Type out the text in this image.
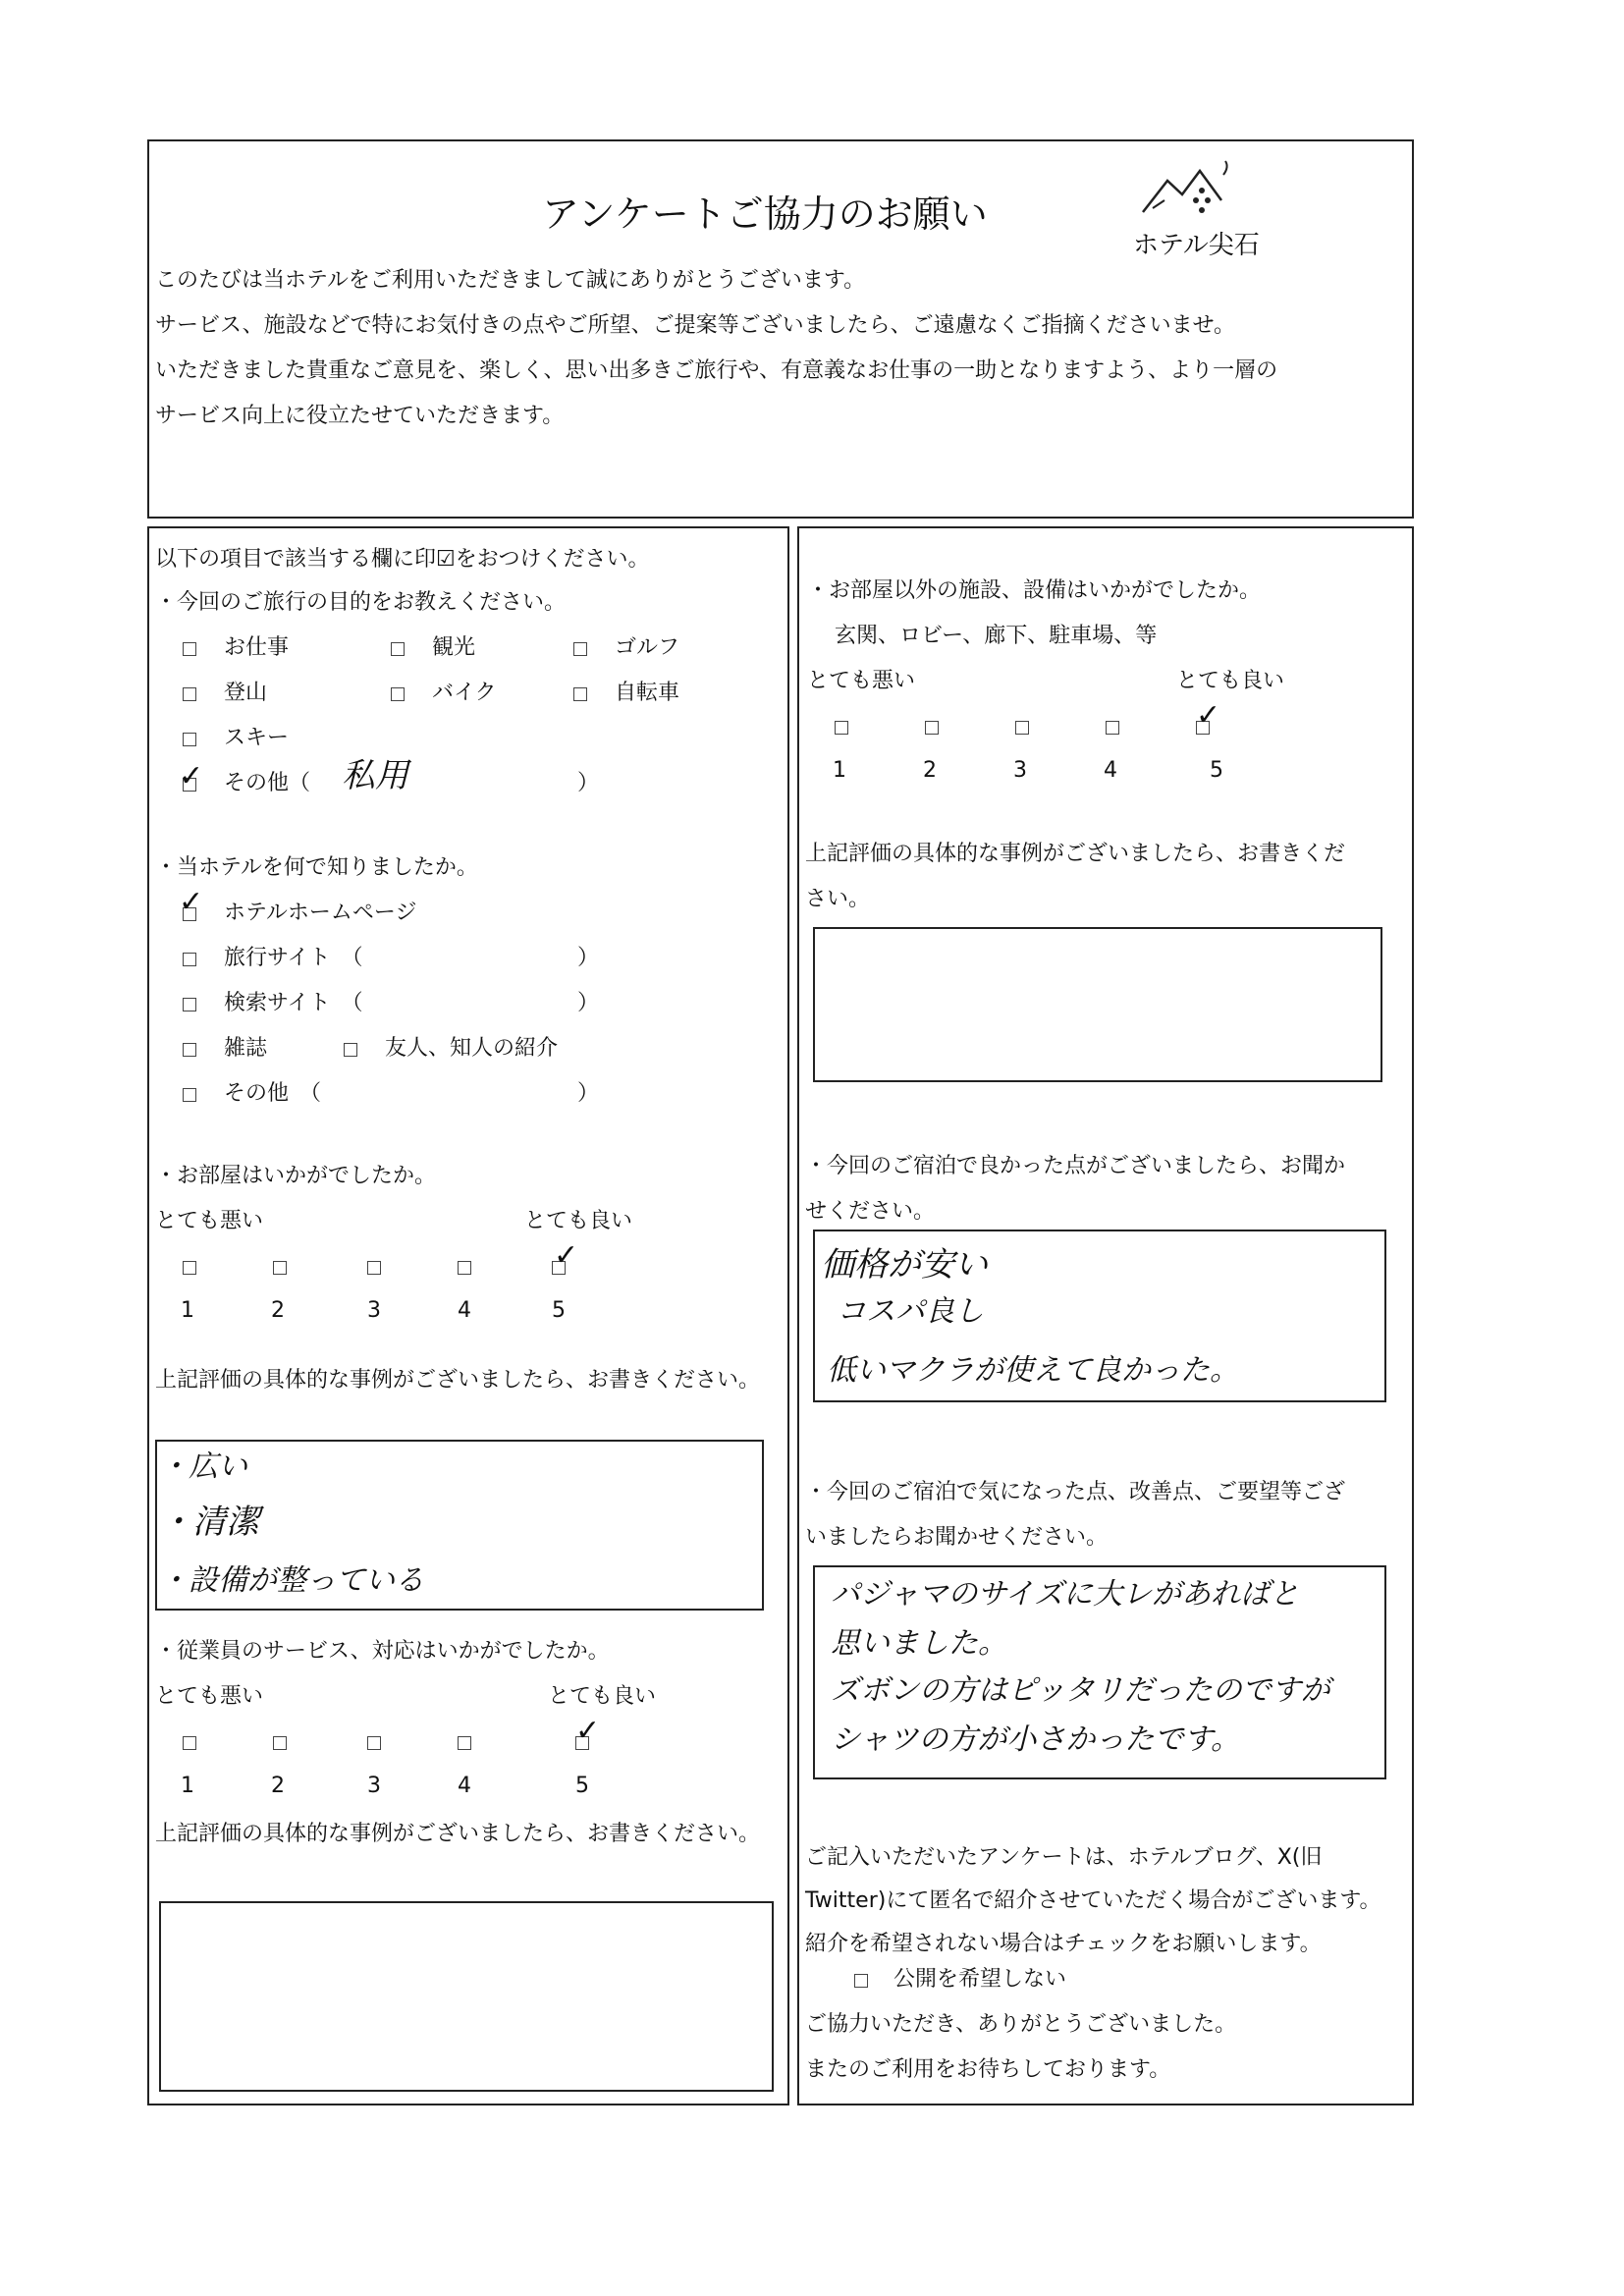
アンケートご協力のお願い
ホテル尖石
このたびは当ホテルをご利用いただきまして誠にありがとうございます。
サービス、施設などで特にお気付きの点やご所望、ご提案等ございましたら、ご遠慮なくご指摘くださいませ。
いただきました貴重なご意見を、楽しく、思い出多きご旅行や、有意義なお仕事の一助となりますよう、より一層の
サービス向上に役立たせていただきます。
以下の項目で該当する欄に印☑をおつけください。
・今回のご旅行の目的をお教えください。
お仕事	観光	ゴルフ
登山	バイク	自転車
スキー
✓ その他（ 私用	）
・当ホテルを何で知りましたか。
✓ ホテルホームページ
旅行サイト　（	）
検索サイト　（	）
雑誌	友人、知人の紹介
その他　（	）
・お部屋はいかがでしたか。
とても悪い	とても良い
✓
1	2	3	4	5
上記評価の具体的な事例がございましたら、お書きください。
・広い
・清潔
・設備が整っている
・従業員のサービス、対応はいかがでしたか。
とても悪い	とても良い
✓
1	2	3	4	5
上記評価の具体的な事例がございましたら、お書きください。
・お部屋以外の施設、設備はいかがでしたか。
玄関、ロビー、廊下、駐車場、等
とても悪い	とても良い
✓
1	2	3	4	5
上記評価の具体的な事例がございましたら、お書きくだ
さい。
・今回のご宿泊で良かった点がございましたら、お聞か
せください。
価格が安い
コスパ良し
低いマクラが使えて良かった。
・今回のご宿泊で気になった点、改善点、ご要望等ござ
いましたらお聞かせください。
パジャマのサイズに大レがあればと
思いました。
ズボンの方はピッタリだったのですが
シャツの方が小さかったです。
ご記入いただいたアンケートは、ホテルブログ、X(旧
Twitter)にて匿名で紹介させていただく場合がございます。
紹介を希望されない場合はチェックをお願いします。
公開を希望しない
ご協力いただき、ありがとうございました。
またのご利用をお待ちしております。
